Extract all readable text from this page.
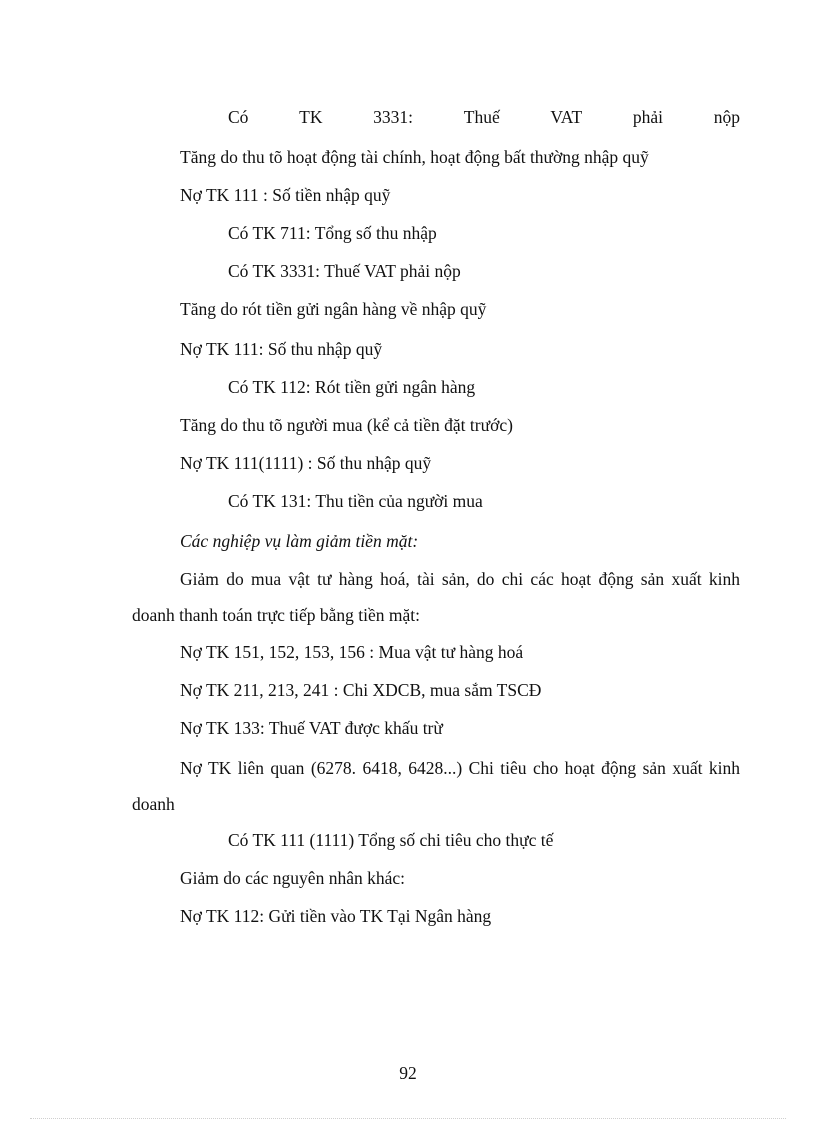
Có	TK	3331:	Thuế	VAT	phải	nộp
Tăng do thu tõ hoạt động tài chính, hoạt động bất thường nhập quỹ
Nợ TK 111 : Số tiền nhập quỹ
Có TK 711: Tổng số thu nhập
Có TK 3331: Thuế VAT phải nộp
Tăng do rót tiền gửi ngân hàng về nhập quỹ
Nợ TK 111: Số thu nhập quỹ
Có TK 112: Rót tiền gửi ngân hàng
Tăng do thu tõ người mua (kể cả tiền đặt trước)
Nợ TK 111(1111) : Số thu nhập quỹ
Có TK 131: Thu tiền của người mua
Các nghiệp vụ làm giảm tiền mặt:
Giảm do mua vật tư hàng hoá, tài sản, do chi các hoạt động sản xuất kinh doanh thanh toán trực tiếp bằng tiền mặt:
Nợ TK 151, 152, 153, 156 : Mua vật tư hàng hoá
Nợ TK 211, 213, 241 : Chi XDCB, mua sắm TSCĐ
Nợ TK 133: Thuế VAT được khấu trừ
Nợ TK liên quan (6278. 6418, 6428...) Chi tiêu cho hoạt động sản xuất kinh doanh
Có TK 111 (1111) Tổng số chi tiêu cho thực tế
Giảm do các nguyên nhân khác:
Nợ TK 112: Gửi tiền vào TK Tại Ngân hàng
92
